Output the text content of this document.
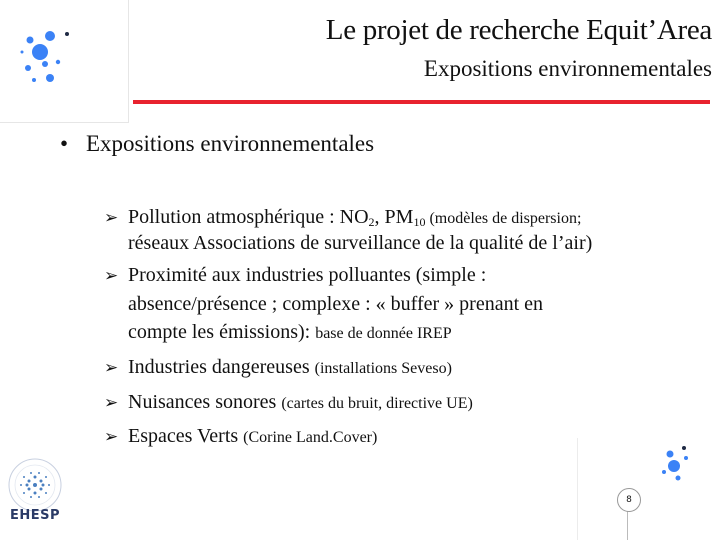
Le projet de recherche Equit’Area
Expositions environnementales
• Expositions environnementales
➢ Pollution atmosphérique : $NO_2$, $PM_{10}$ (modèles de dispersion;
réseaux Associations de surveillance de la qualité de l’air)
➢ Proximité aux industries polluantes (simple :
absence/présence ; complexe : « buffer » prenant en
compte les émissions): base de donnée IREP
➢ Industries dangereuses (installations Seveso)
➢ Nuisances sonores (cartes du bruit, directive UE)
➢ Espaces Verts (Corine Land.Cover)
8
EHESP
